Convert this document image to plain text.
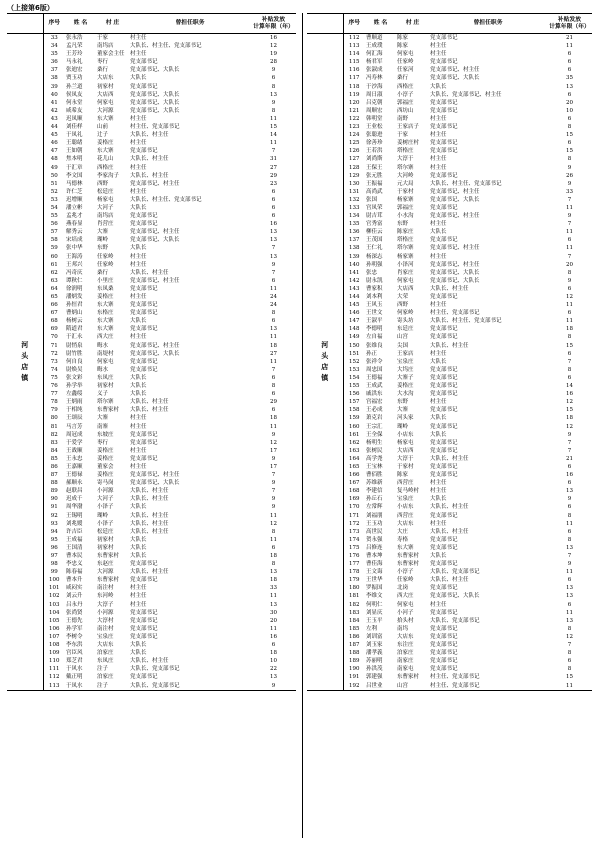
（上接第6版）
	序号	姓 名	村 庄	曾担任职务	补贴发放
计算年限（年）

河
头
店
镇	33	张永浩	于家	村主任	16
	34	孟凡荣	南坞店	大队长、村主任、党支部书记	12
	35	王芳玲	董家会主任	村主任	19
	36	马永礼	枣行	党支部书记	28
	37	张迪宏	桑行	党支部书记、大队长	9
	38	贾玉功	大店东	大队长	6
	39	孙兰道	初家村	党支部书记	8
	40	侯凤友	大店西	党支部书记、大队长	13
	41	何永堂	何家屯	党支部书记、大队长	9
	42	咸希友	大河源	党支部书记、大队长	8
	43	迟凤顺	东大寨	村主任	11
	44	刘佳样	山前	村主任、党支部书记	15
	45	于凤礼	辻子	大队长、村主任	14
	46	王聪绪	姜格庄	村主任	11
	47	王如朝	东大寨	党支部书记	7
	48	焦本明	花儿山	大队长、村主任	31
	49	于汇章	西格庄	村主任	27
	50	李文国	李家沟子	大队长、村主任	29
	51	马德林	西野	党支部书记、村主任	23
	52	许仁芝	松廷庄	村主任	6
	53	迟增顺	杨家屯	大队长、村主任、党支部书记	6
	54	潘立彬	大河子	大队长	6
	55	孟兆才	南坞店	党支部书记	6
	56	燕春显	肖营庄	党支部书记	16
	57	解秀云	大寨	党支部书记、村主任	13
	58	宋培成	瑚岭	党支部书记、大队长	13
	59	张中华	东野	大队长	7
	60	王海涛	任家岭	村主任	13
	61	王邦兴	任家岭	村主任	9
	62	冯奇庆	桑行	大队长、村主任	7
	63	谭秋仁	小里庄	党支部书记、村主任	6
	64	徐润明	东凤桑	党支部书记	11
	65	潘炳发	姜格庄	村主任	24
	66	孙恒君	东大寨	党支部书记	24
	67	曹炳山	东格庄	党支部书记	8
	68	杨树云	东大寨	大队长	6
	69	隋道君	东大寨	党支部书记	13
	70	于汇永	西大庄	村主任	11
	71	尉悄泉	晦水	党支部书记、村主任	18
	72	尉竹胜	南堤村	党支部书记、大队长	27
	73	何自良	何家屯	党支部书记	11
	74	尉焕吴	晦水	党支部书记	7
	75	张文彩	东凤庄	大队长	6
	76	孙学举	初家村	大队长	8
	77	左鑫绥	义子	大队长	6
	78	王炳雨	塔尔寨	大队长、村主任	29
	79	于相纯	东曹家村	大队长、村主任	6
	80	王颂辰	大寨	村主任	18
	81	马言芳	南寨	村主任	11
	82	周冠成	东坡庄	党支部书记	9
	83	于爱学	枣行	党支部书记	12
	84	王战顺	姜格庄	村主任	17
	85	王永忠	姜格庄	党支部书记	9
	86	王嘉顺	董家会	村主任	17
	87	王德禄	姜格庄	党支部书记、村主任	7
	88	郝顺永	寄马岗	党支部书记、大队长	9
	89	赵联昌	小河源	大队长、村主任	7
	90	迟成千	大河子	大队长、村主任	9
	91	周华渤	小泽子	大队长	9
	92	王锡明	瑚岭	大队长、村主任	11
	93	刘兆嫒	小泽子	大队长、村主任	12
	94	许吉臣	松廷庄	大队长、村主任	8
	95	王成福	初家村	大队长	11
	96	王国清	初家村	大队长	6
	97	曹本民	东曹家村	大队长	18
	98	李忠义	东赵庄	党支部书记	8
	99	陈春福	大河源	大队长、村主任	13
	100	曹本升	东曹家村	党支部书记	18
	101	咸闷实	南注村	村主任	33
	102	刘云升	东河岭	村主任	11
	103	吕永丹	大淳子	村主任	13
	104	张尚贤	小河源	党支部书记	30
	105	王德先	大淳村	党支部书记	20
	106	孙学军	南注村	党支部书记	11
	107	李树令	宝泉庄	党支部书记	16
	108	李东洪	大店东	大队长	6
	109	宫臣风	泊家庄	大队长	18
	110	郑芝君	东凤庄	大队长、村主任	10
	111	于风水	注子	大队长、党支部书记	22
	112	戴正明	泊家庄	党支部书记	13
	113	于凤水	注子	大队长、党支部书记	9
	序号	姓 名	村 庄	曾担任职务	补贴发放
计算年限（年）

河
头
店
镇	112	曹顺道	陈家	党支部书记	21
	113	王成璞	陈家	村主任	11
	114	何汇海	何家屯	村主任	6
	115	杨君军	任家岭	党支部书记	6
	116	张淑成	任家河	党支部书记、村主任	6
	117	冯寿林	桑行	党支部书记、大队长	35
	118	于沙海	西格庄	大队长	13
	119	周日淑	小淳子	大队长、党支部书记、村主任	6
	120	吕克朝	郭福庄	党支部书记	20
	121	周顺宏	西坊山	党支部书记	10
	122	韩明堂	南野	村主任	6
	123	王业松	王家店子	党支部书记	8
	124	张聪进	于家	村主任	15
	125	徐善珍	姜树庄村	党支部书记	6
	126	王若洪	塔格庄	党支部书记	15
	127	刘尚斯	大淳于	村主任	8
	128	王保王	塔尔寨	村主任	9
	129	张元胜	大河岭	党支部书记	26
	130	王振福	元大局	大队长、村主任、党支部书记	9
	131	高尚武	于家村	党支部书记、村主任	33
	132	张国	杨家寨	党支部书记、大队长	7
	133	宫凤荣	郭福庄	党支部书记	11
	134	尉吉茸	小水沟	党支部书记、村主任	9
	135	官秀富	东野	村主任	7
	136	柳佳云	陈家庄	大队长	11
	137	王茂国	塔格庄	党支部书记	6
	138	王仁礼	塔尔寨	党支部书记、村主任	11
	139	杨深志	杨家寨	村主任	7
	140	孙明强	小泽河	党支部书记、村主任	20
	141	张忠	肖家庄	党支部书记、大队长	8
	142	尉永凯	何家屯	党支部书记、大队长	9
	143	曹家积	大店西	大队长、村主任	6
	144	刘本利	大荣	党支部书记	12
	145	王风玉	西野	村主任	11
	146	王世文	何家岭	村主任、党支部书记	6
	147	王淑平	寄头坊	大队长、村主任、党支部书记	11
	148	李德明	东廷庄	党支部书记	18
	149	左自福	山宫	党支部书记	8
	150	张维良	尖国	大队长、村主任	15
	151	孙正	王家店	村主任	6
	152	张祥令	宝泉庄	大队长	7
	153	周忠国	大坞庄	党支部书记	8
	154	王德福	大寨子	党支部书记	6
	155	王成武	姜格庄	党支部书记	14
	156	戚洪东	大水沟	党支部书记	16
	157	宫福宏	东野	村主任	12
	158	王必成	大寨	党支部书记	15
	159	萧克岩	河头家	大队长	18
	160	王宗汇	瑚岭	党支部书记	12
	161	王全保	小店东	大队长	9
	162	杨明生	杨家屯	党支部书记	7
	163	张树民	大店西	党支部书记	7
	164	高学尧	大淳于	大队长、村主任	21
	165	王宝林	于家村	党支部书记	6
	166	曹佰胜	陈家	党支部书记	16
	167	苏维新	西营庄	村主任	6
	168	李建信	复马岭村	村主任	13
	169	孙丘石	宝泉庄	大队长	9
	170	左常辉	小店东	大队长、村主任	6
	171	刘福朋	西营庄	党支部书记	8
	172	王玉功	大店东	村主任	11
	173	高世民	大庄	大队长、村主任	6
	174	贺永强	寿格	党支部书记	8
	175	吕修连	东大寨	党支部书记	13
	176	曹本坤	东曹家村	大队长	7
	177	曹佳海	东曹家村	党支部书记	9
	178	王文诲	小淳子	大队长、党支部书记	11
	179	王世华	任家岭	大队长、村主任	6
	180	罗振国	北岗	党支部书记	13
	181	李维文	西大庄	党支部书记、大队长	13
	182	何明仁	何家屯	村主任	6
	183	刘显庆	小河子	党支部书记	11
	184	王玉平	拾头村	大队长、党支部书记	13
	185	左利	南坞	党支部书记	8
	186	刘训富	大店东	党支部书记	12
	187	刘玉家	东注庄	党支部书记	7
	188	潘孝義	泊家庄	党支部书记	8
	189	苏丽明	南家庄	党支部书记	6
	190	孙洪茂	南家屯	党支部书记	8
	191	郭建强	东曹家村	村主任、党支部书记	15
	192	吕世业	山宫	村主任、党支部书记	11
